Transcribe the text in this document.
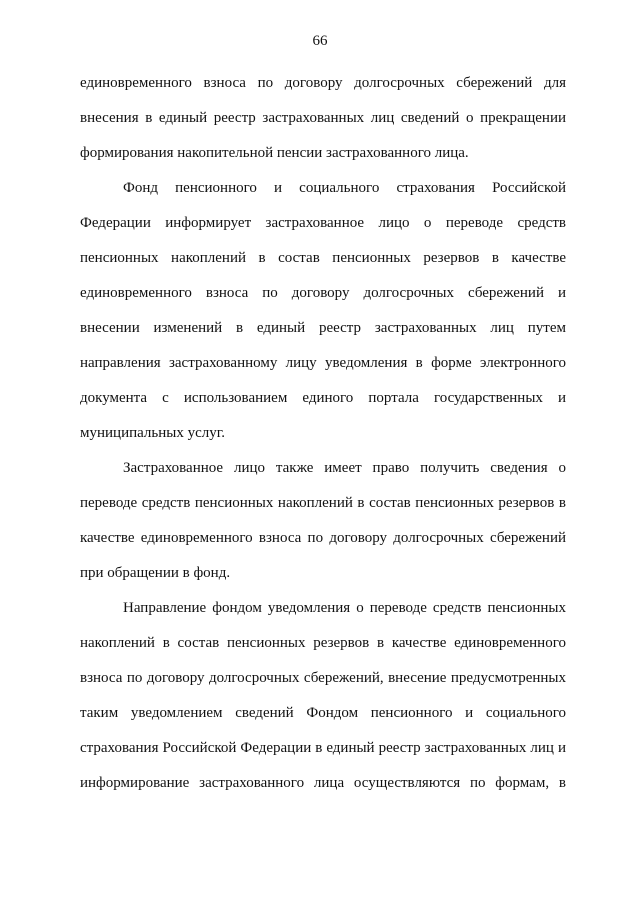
66

единовременного взноса по договору долгосрочных сбережений для внесения в единый реестр застрахованных лиц сведений о прекращении формирования накопительной пенсии застрахованного лица.

Фонд пенсионного и социального страхования Российской Федерации информирует застрахованное лицо о переводе средств пенсионных накоплений в состав пенсионных резервов в качестве единовременного взноса по договору долгосрочных сбережений и внесении изменений в единый реестр застрахованных лиц путем направления застрахованному лицу уведомления в форме электронного документа с использованием единого портала государственных и муниципальных услуг.

Застрахованное лицо также имеет право получить сведения о переводе средств пенсионных накоплений в состав пенсионных резервов в качестве единовременного взноса по договору долгосрочных сбережений при обращении в фонд.

Направление фондом уведомления о переводе средств пенсионных накоплений в состав пенсионных резервов в качестве единовременного взноса по договору долгосрочных сбережений, внесение предусмотренных таким уведомлением сведений Фондом пенсионного и социального страхования Российской Федерации в единый реестр застрахованных лиц и информирование застрахованного лица осуществляются по формам, в
